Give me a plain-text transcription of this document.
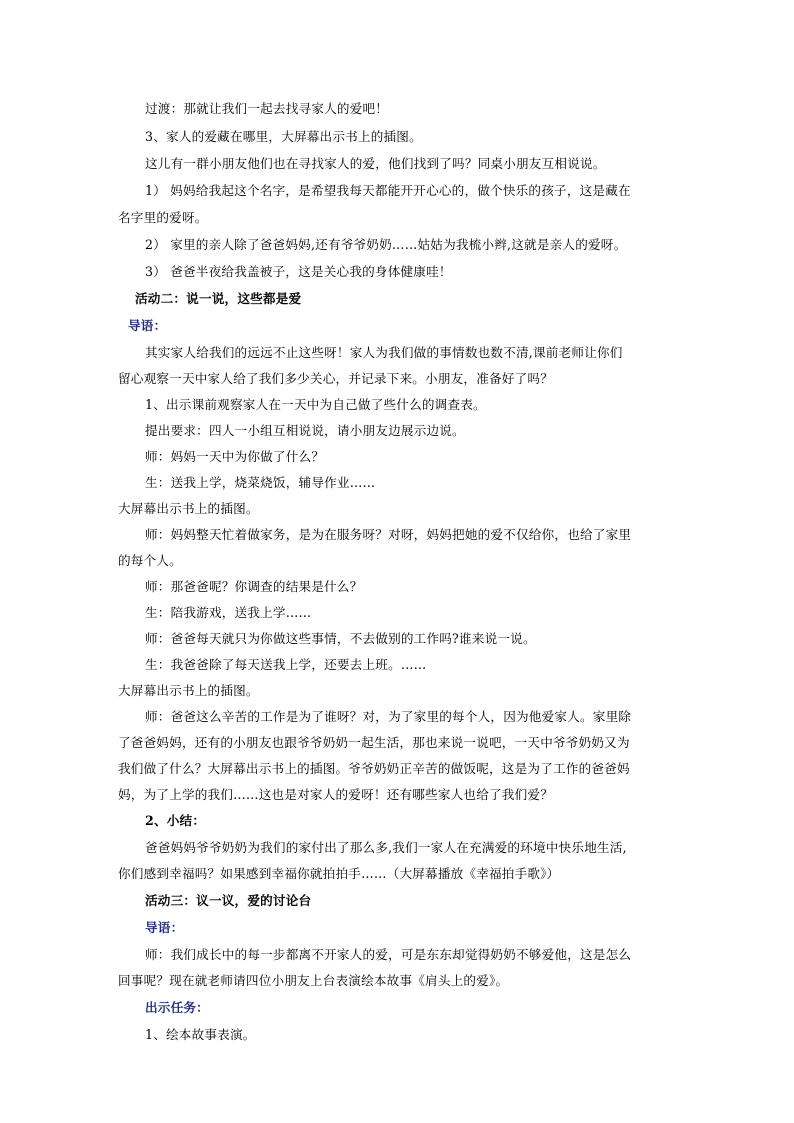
过渡：那就让我们一起去找寻家人的爱吧！
3、家人的爱藏在哪里，大屏幕出示书上的插图。
这儿有一群小朋友他们也在寻找家人的爱，他们找到了吗？同桌小朋友互相说说。
1） 妈妈给我起这个名字，是希望我每天都能开开心心的，做个快乐的孩子，这是藏在
名字里的爱呀。
2） 家里的亲人除了爸爸妈妈,还有爷爷奶奶……姑姑为我梳小辫,这就是亲人的爱呀。
3） 爸爸半夜给我盖被子，这是关心我的身体健康哇！
活动二：说一说，这些都是爱
导语：
其实家人给我们的远远不止这些呀！家人为我们做的事情数也数不清,课前老师让你们
留心观察一天中家人给了我们多少关心，并记录下来。小朋友，准备好了吗？
1、出示课前观察家人在一天中为自己做了些什么的调查表。
提出要求：四人一小组互相说说，请小朋友边展示边说。
师：妈妈一天中为你做了什么？
生：送我上学，烧菜烧饭，辅导作业……
大屏幕出示书上的插图。
师：妈妈整天忙着做家务，是为在服务呀？对呀，妈妈把她的爱不仅给你，也给了家里
的每个人。
师：那爸爸呢？你调查的结果是什么？
生：陪我游戏，送我上学……
师：爸爸每天就只为你做这些事情，不去做别的工作吗?谁来说一说。
生：我爸爸除了每天送我上学，还要去上班。……
大屏幕出示书上的插图。
师：爸爸这么辛苦的工作是为了谁呀？对，为了家里的每个人，因为他爱家人。家里除
了爸爸妈妈，还有的小朋友也跟爷爷奶奶一起生活，那也来说一说吧，一天中爷爷奶奶又为
我们做了什么？大屏幕出示书上的插图。爷爷奶奶正辛苦的做饭呢，这是为了工作的爸爸妈
妈，为了上学的我们……这也是对家人的爱呀！还有哪些家人也给了我们爱？
2、小结：
爸爸妈妈爷爷奶奶为我们的家付出了那么多,我们一家人在充满爱的环境中快乐地生活,
你们感到幸福吗？如果感到幸福你就拍拍手……（大屏幕播放《幸福拍手歌》）
活动三：议一议，爱的讨论台
导语：
师：我们成长中的每一步都离不开家人的爱，可是东东却觉得奶奶不够爱他，这是怎么
回事呢？现在就老师请四位小朋友上台表演绘本故事《肩头上的爱》。
出示任务：
1、绘本故事表演。
